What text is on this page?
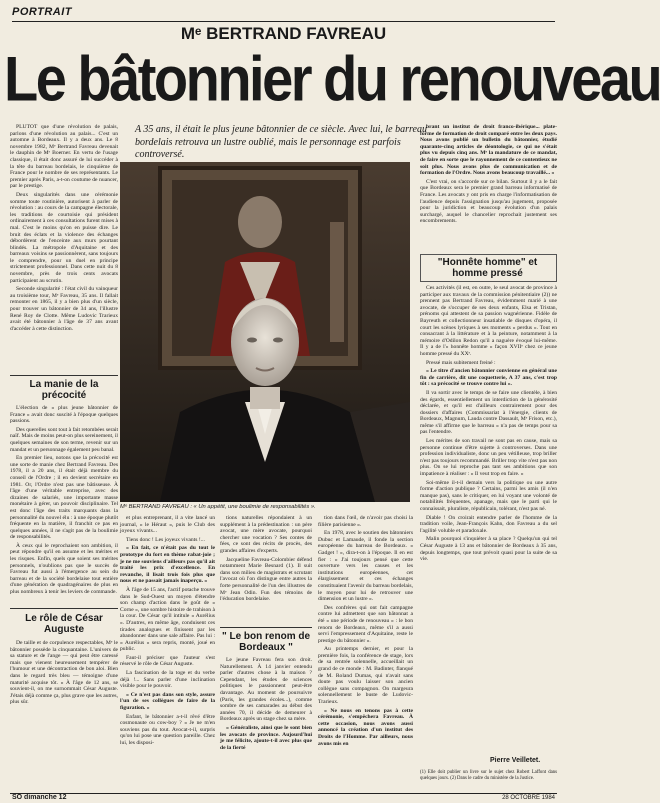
PORTRAIT
Mᵉ BERTRAND FAVREAU
Le bâtonnier du renouveau

PLUTOT que d'une révolution de palais, parlons d'une révolution au palais... C'est un automne à Bordeaux. Il y a deux ans. Le 8 novembre 1982, Mᵉ Bertrand Favreau devenait le dauphin de Mᵉ Boerner. En vertu de l'usage classique, il était donc assuré de lui succéder à la tête du barreau bordelais, le cinquième de France pour le nombre de ses représentants. Le premier après Paris, a-t-on coutume de nuancer, par le prestige.

Deux singularités dans une cérémonie somme toute routinière, autorisent à parler de révolution : au cours de la campagne électorale, les traditions de courtoisie qui président ordinairement à ces consultations furent mises à mal. C'est le moins qu'on en puisse dire. Le bruit des éclats et la violence des échanges débordèrent de l'enceinte aux murs pourtant blindés. La métropole d'Aquitaine et des barreaux voisins se passionnèrent, sans toujours le comprendre, pour un duel en principe strictement professionnel. Dans cette nuit du 8 novembre, près de trois cents avocats participaient au scrutin.

Seconde singularité : l'état civil du vainqueur au troisième tour, Mᵉ Favreau, 35 ans. Il fallait remonter en 1865, il y a bien plus d'un siècle, pour trouver un bâtonnier de 34 ans, l'illustre René Roy de Clotte. Même Ludovic Trarieux avait été bâtonnier à l'âge de 37 ans avant d'accéder à cette distinction.

La manie de la précocité

L'élection de « plus jeune bâtonnier de France » avait donc suscité à l'époque quelques passions.

Des querelles sont tout à fait retombées serait naïf. Mais de moins peut-on plus sereinement, il quelques semaines de son terme, revenir sur un mandat et un personnage également peu banal.

En premier lieu, notons que la précocité est une sorte de manie chez Bertrand Favreau. Des 1978, il a 20 ans, il était déjà membre du conseil de l'Ordre ; il en devient secrétaire en 1981. Or, l'Ordre n'est pas une bâtisseuse. À l'âge d'une véritable entreprise, avec des dizaines de salariés, une importante masse monétaire à gérer, un pouvoir disciplinaire. Tel est donc l'âge des traits marquants dans la personnalité du nouvel élu : à une époque plutôt fréquente en la matière, il franchit ce pas en quelques années, il ne s'agit pas de la boulimie de responsabilités.

À ceux qui le reprochaient son ambition, il peut répondre qu'il en assume et les mérites et les risques. Enfin, quels que soient ses mérites personnels, n'oublions pas que le succès de Favreau fut aussi à l'émergence au sein du barreau et de la société bordelaise tout entière d'une génération de quadragénaires de plus en plus nombreux à tenir les leviers de commande.

Le rôle de César Auguste

De taille et de corpulence respectables, Mᵉ le bâtonnier possède la cinquantaine. L'univers de sa stature et de l'ange — qui peut être caressé mais que vienent heureusement tempérer de l'humour et une décontraction de bon aloi. Bien dans le regard très bleu — témoigne d'une maturité acquise tôt. « À l'âge de 12 ans, se souvient-il, on me surnommait César Auguste. J'étais déjà comme ça, plus grave que les autres, plus sûr.

A 35 ans, il était le plus jeune bâtonnier de ce siècle. Avec lui, le barreau bordelais retrouva un lustre oublié, mais le personnage est parfois controversé.
Mᵉ BERTRAND FAVREAU : « Un appétit, une boulimie de responsabilités ».

et plus entreprenant, il a vite lancé un journal, « le Héraut », puis le Club des joyeux vivants...

Tiens donc ! Les joyeux vivants !...

« En fait, ce n'était pas du tout le prototype du fort en thème rabat-joie ; je ne me souviens d'ailleurs pas qu'il ait traité les prix d'excellence. En revanche, il lisait trois fois plus que nous et ne passait jamais inaperçu. »

À l'âge de 15 ans, l'actif potache trouve dans le Sud-Ouest un moyen d'étendre son champ d'action dans le goût de « Corne », une sombre histoire de trahison à la cour. De César qu'il intitule « Aurélius ». D'autres, en même âge, conduisent ces tirades analogues et finissent par les abandonner dans une sale affaire. Pas lui : « Aurélius » sera repris, monté, joué en public.

Faut-il préciser que l'auteur s'est réservé le rôle de César Auguste.

La fascination de la toge et du verbe déjà !... Sans parler d'une inclination visible pour le pouvoir.

« Ce n'est pas dans son style, assure l'un de ses collègues de faire de la figuration. »

Enfant, le bâtonnier a-t-il rêvé d'être cosmonaute ou cow-boy ? « Je ne m'en souviens pas du tout. Avocat-t-il, surpris qu'on lui pose une question pareille. Chez lui, les disposi-

tions naturelles répondaient à un supplément à la prédestination : un père avocat, une mère avocate, pourquoi chercher une vocation ? Ses contes de fées, ce sont des récits de procès, des grandes affaires d'experts.

Jacqueline Favreau-Colombier défend notamment Marie Besnard (1). Il suit dans son milieu de magistrats et scrutant l'avocat où l'on distingue entre autres la forte personnalité de l'un des illustres de Mᵉ Jean Odin. Fun des témoins de l'éducation bordelaise.

" Le bon renom de Bordeaux "

Le jeune Favreau fera son droit. Naturellement. À 14 janvier entendu parler d'autres chose à la maison ? Cependant, les études de sciences politiques le passionnent peut-être davantage. Au moment de poursuivre (Paris, les grandes écoles...), comme sombre de ses camarades au début des années 70, il décide de demeurer à Bordeaux après un stage chez sa mère.

« Généraliste, ainsi que le sont bien les avocats de province. Aujourd'hui je me félicite, ajoute-t-il avec plus que de la fierté

tion dans l'œil, de n'avoir pas choisi la filière parisienne ».

En 1978, avec le soutien des bâtonniers Dubuc et Lamaude, il fonde la section européenne du barreau de Bordeaux. « Gadget ! », dira-t-on à l'époque. Il en est fier : « J'ai toujours pensé que cette ouverture vers les causes et les institutions européennes, cet élargissement et ces échanges constituaient l'avenir du barreau bordelais, le moyen pour lui de retrouver une dimension et un lustre ».

Des confrères qui ont fait campagne contre lui admettent que son bâtonnat a été « une période de renouveau » : le bon renom de Bordeaux, même s'il a aussi servi l'empressement d'Aquitaine, reste le prestige du bâtonnier ».

Au printemps dernier, et pour la première fois, la conférence de stage, lors de sa rentrée solennelle, accueillait un grand de ce monde : M. Badinter, flanqué de M. Roland Dumas, qui n'avait sans doute pas voulu laisser son ancien collègue sans compagnon. On margeura solennellement le buste de Ludovic-Trarieux.

« Ne nous en tenons pas à cette cérémonie, s'empêchera Favreau. À cette occasion, nous avons aussi annoncé la création d'un institut des Droits de l'Homme. Par ailleurs, nous avons mis en

brant un institut de droit franco-ibérique... plate-forme de formation de droit comparé entre les deux pays. Nous avons publié un bulletin du bâtonnier, étudié quarante-cinq articles de déontologie, ce qui ne s'était plus vu depuis cinq ans. Mᵉ la mandature de ce mandat, de faire en sorte que le rayonnement de ce contentieux ne soit plus. Nous avons plus de communication et de formation de l'Ordre. Nous avons beaucoup travaillé... »

C'est vrai, on s'accorde sur ce bilan. Surtout il y a le fait que Bordeaux sera le premier grand barreau informatisé de France. Les avocats y ont pris en charge l'informatisation de l'audience depuis l'assignation jusqu'au jugement, proposée pour la juridiction et beaucoup évolution d'un palais surchargé, auquel le chancelier reprochait justement ses encombrements.

"Honnête homme" et homme pressé

Ces activités (il est, en outre, le seul avocat de province à participer aux travaux de la commission pénitentiaire (2)) ne prennent pas Bertrand Favreau, évidemment marié à une avocate, de s'occuper de ses deux enfants, Elsa et Tristan, prénoms qui attestent de sa passion wagnérienne. Fidèle de Bayreuth et collectionneur insatiable de disques d'opéra, il court les scènes lyriques à ses moments « perdus ». Tout en consacrant à la littérature et à la peinture, notamment à la mémoire d'Odilon Redon qu'il a naguère évoqué lui-même. Il y a de l'« honnête homme » façon XVIIᵉ chez ce jeune homme pressé du XXᵉ.

Pressé mais subitement freiné :

« Le titre d'ancien bâtonnier convienne en général une fin de carrière, dit une coquetterie, A 37 ans, c'est trop tôt : sa précocité se trouve contre lui ».

Il va sortir avec le temps de se faire une clientèle, à bien des égards, essentiellement un interdiction de la générosité déclarée, et qu'il est d'ailleurs contrairement pour des dossiers d'affaires (Commissariat à l'énergie, clients de Bordeaux, Magnum, Lauda contre Dassault, Mᵉ Frison, etc.), même s'il affirme que le barreau « n'a pas de temps pour sa pas l'entendre.

Les mérites de son travail ne sont pas en cause, mais sa personne continue d'être sujette à controverses. Dans une profession individualiste, donc un peu vétilleuse, trop briller n'est pas toujours recommandé. Briller trop vite n'est pas non plus. On se lui reproche pas tant ses ambitions que son impatience à réaliser : « Il veut trop en faire. »

Soi-même il-t-il demain vers la politique ou une autre forme d'action publique ? Certains, parmi les amis (il n'en manque pas), sans le critiquer, en lui voyant une volonté de notabilités fréquentes, apanage, mais que le parti qui le connaissait, pluraliste, républicain, tolérant, n'est pas né.

Diable ! On croirait entendre parler de l'homme de la tradition voile, Jean-François Kahn, don Favreau a du sel l'agilité voluble et paradoxale.

Malin pourquoi s'inquiéter à sa place ? Quelqu'un qui tel César Auguste à 13 ans et bâtonnier de Bordeaux à 35 ans, depuis longtemps, que tout prévoit quasi pour la suite de sa vie.

Pierre Veilletet.
(1) Elle doit publier un livre sur le sujet chez Robert Laffont dans quelques jours. (2) Dans le cadre du ministère de la Justice.
SO dimanche 12	28 OCTOBRE 1984
